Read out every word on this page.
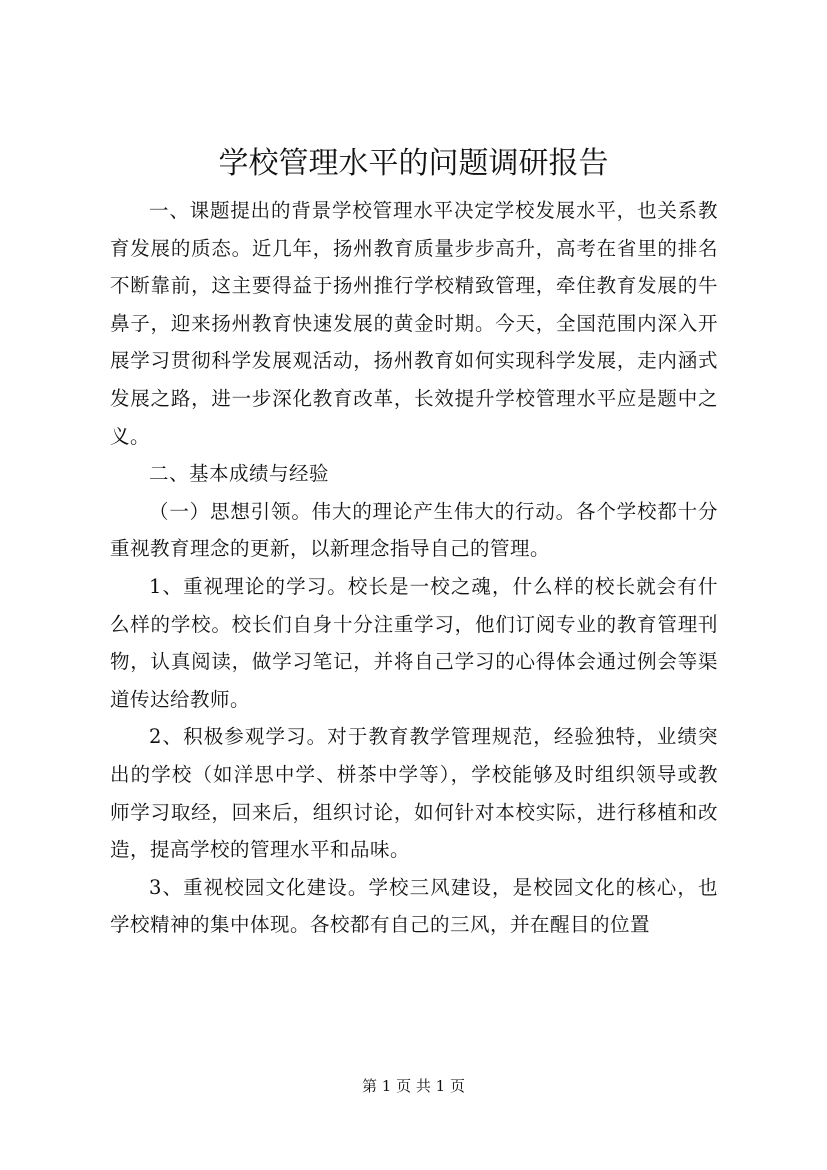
学校管理水平的问题调研报告

一、课题提出的背景学校管理水平决定学校发展水平，也关系教育发展的质态。近几年，扬州教育质量步步高升，高考在省里的排名不断靠前，这主要得益于扬州推行学校精致管理，牵住教育发展的牛鼻子，迎来扬州教育快速发展的黄金时期。今天，全国范围内深入开展学习贯彻科学发展观活动，扬州教育如何实现科学发展，走内涵式发展之路，进一步深化教育改革，长效提升学校管理水平应是题中之义。

二、基本成绩与经验

（一）思想引领。伟大的理论产生伟大的行动。各个学校都十分重视教育理念的更新，以新理念指导自己的管理。

1、重视理论的学习。校长是一校之魂，什么样的校长就会有什么样的学校。校长们自身十分注重学习，他们订阅专业的教育管理刊物，认真阅读，做学习笔记，并将自己学习的心得体会通过例会等渠道传达给教师。

2、积极参观学习。对于教育教学管理规范，经验独特，业绩突出的学校（如洋思中学、栟茶中学等），学校能够及时组织领导或教师学习取经，回来后，组织讨论，如何针对本校实际，进行移植和改造，提高学校的管理水平和品味。

3、重视校园文化建设。学校三风建设，是校园文化的核心，也学校精神的集中体现。各校都有自己的三风，并在醒目的位置

第 1 页 共 1 页
